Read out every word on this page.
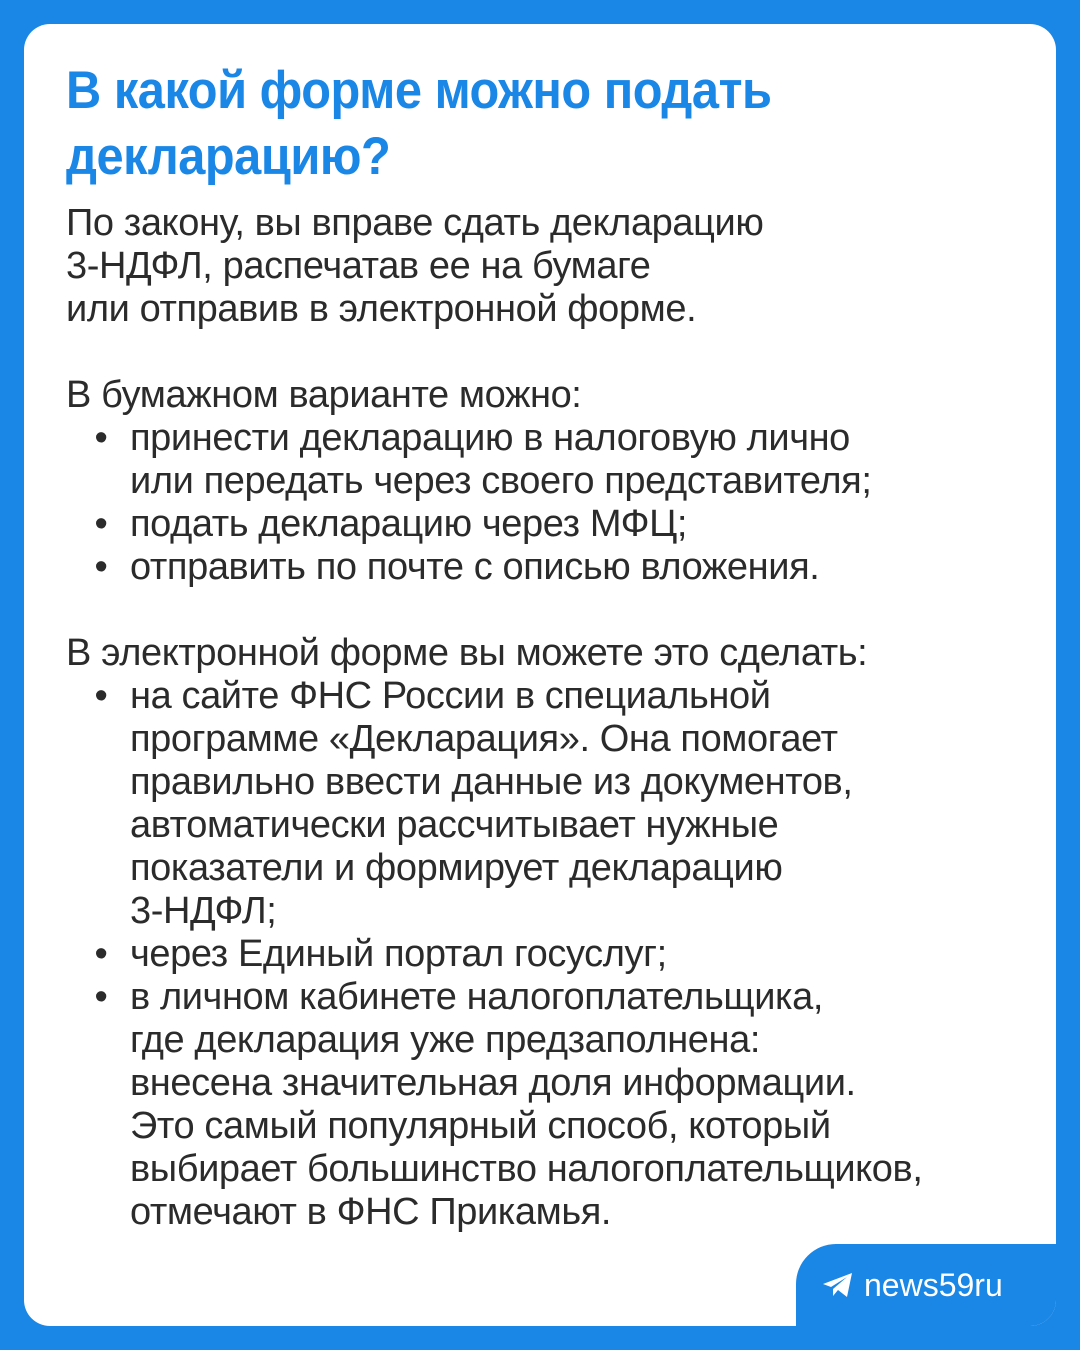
В какой форме можно подать декларацию?

По закону, вы вправе сдать декларацию
3-НДФЛ, распечатав ее на бумаге
или отправив в электронной форме.

В бумажном варианте можно:

• принести декларацию в налоговую лично
или передать через своего представителя;
• подать декларацию через МФЦ;
• отправить по почте с описью вложения.

В электронной форме вы можете это сделать:

• на сайте ФНС России в специальной
программе «Декларация». Она помогает
правильно ввести данные из документов,
автоматически рассчитывает нужные
показатели и формирует декларацию
3-НДФЛ;
• через Единый портал госуслуг;
• в личном кабинете налогоплательщика,
где декларация уже предзаполнена:
внесена значительная доля информации.
Это самый популярный способ, который
выбирает большинство налогоплательщиков,
отмечают в ФНС Прикамья.
news59ru
